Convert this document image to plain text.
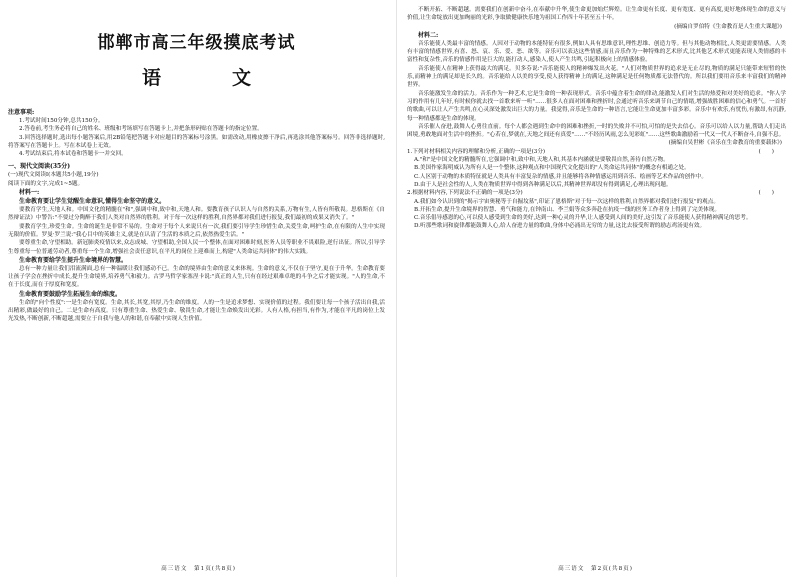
邯郸市高三年级摸底考试
语　文
注意事项:

1.考试时间150分钟,总共150分。

2.答卷前,考生务必将自己的姓名、班级和考场填写在答题卡上,并把条形码贴在答题卡的指定位置。

3.回答选择题时,选出每小题答案后,用2B铅笔把答题卡对应题目的答案标号涂黑。如需改动,用橡皮擦干净后,再选涂其他答案标号。回答非选择题时,将答案写在答题卡上。写在本试卷上无效。

4.考试结束后,将本试卷和答题卡一并交回。

一、现代文阅读(35分)

(一)现代文阅读Ⅰ(本题共5小题,19分)

阅读下面的文字,完成1~5题。

材料一:
生命教育要让学生觉醒生命意识,懂得生命坚守的意义。

要教育学生,天地人和。中国文化的精髓在"和",强调中和,致中和,天地人和。要教育孩子认识人与自然的关系,万物有生,人皆有所敬畏。思格斯在《自然辩证法》中警告:"不要过分陶醉于我们人类对自然界的胜利。对于每一次这样的胜利,自然界都对我们进行报复,我们最初的成果又消失了。"

要教育学生,珍爱生命。生命的诞生是非常不易的。生命对于每个人来说只有一次,我们要引导学生珍惜生命,关爱生命,呵护生命,在有限的人生中实现无限的价值。罗曼·罗兰说:"我心目中的英雄主义,就是在认清了生活的本质之后,依然热爱生活。"

要尊重生命,守望相助。新冠肺炎疫情以来,众志成城、守望相助,全国人民一个整体,在面对困难时刻,医务人员等职业不畏艰险,逆行出征。所以,引导学生尊重每一位普通劳动者,尊重每一个生命,增强社会责任意识,在平凡的岗位上迎难而上,构建"人类命运共同体"的伟大实践。

生命教育要给学生提升生命境界的智慧。

总有一种力量让我们泪流满面,总有一种温暖让我们感动不已。生命的境界由生命的意义来体现。生命的意义,不仅在于坚守,更在于升华。生命教育要让孩子学会在挫折中成长,提升生命境界,培养勇气和毅力。古罗马哲学家塞涅卡说:"真正的人生,只有在经过艰难卓绝的斗争之后才能实现。"人的生命,不在于长度,而在于厚度和宽度。

生命教育要鼓励学生拓展生命的维度。

生命的"向个性度":一是生命有宽度。生命,其长,其宽,其厚,乃生命的维度。人的一生是追求梦想、实现价值的过程。我们要让每一个孩子活出自我,活出精彩,做最好的自己。二是生命有高度。只有尊重生命、热爱生命、敬畏生命,才能让生命焕发出光彩。人有人格,有担当,有作为,才能在平凡的岗位上发光发热,不断创新,不断超越,需要立于自我与他人的和谐,在奉献中实现人生价值。

高三语文　第1页(共8页)

不断开拓、不断超越。需要我们在创新中奋斗,在奉献中升华,使生命更加灿烂辉煌。让生命更有长度、更有宽度、更有高度,更好地体现生命的意义与价值,让生命绽放出更加绚丽的光彩,争取做健康快乐地为祖国工作四十年甚至五十年。

(摘编自罗伯特《生命教育是人生重大课题》)

材料二:

音乐能使人类最丰富的情感。人因对于动物的本能特征有很多,例如人具有思维意识,理性思维、创造力等。但与其他动物相比,人类更需要情感。人类有丰富的情感世界,有喜、怒、哀、乐、爱、恶、欲等。音乐可以表达这些情感,而且音乐作为一种特殊的艺术形式,比其他艺术形式更能表现人类情感的丰富性和复杂性,音乐的情感作用是巨大的,能打动人,感染人,使人产生共鸣,引起积极向上的情感体验。

音乐能使人在精神上获得最大的满足。贝多芬说:"音乐能使人的精神爆发出火花。"人们对物质世界的追求是无止尽的,物质的满足只能带来短暂的快乐,而精神上的满足却是长久的。音乐能给人以美的享受,使人获得精神上的满足,这种满足是任何物质都无法替代的。所以我们要用音乐来丰富我们的精神世界。

音乐能激发生命的活力。音乐作为一种艺术,它是生命的一种表现形式。音乐中蕴含着生命的律动,能激发人们对生活的热爱和对美好的追求。"你人学习的作用有几年好,有时候你就去找一首歌来听一听"……很多人在面对困难和挫折时,会通过听音乐来调节自己的情绪,增强战胜困难的信心和勇气。一首好的歌曲,可以让人产生共鸣,在心灵深处激发出巨大的力量。我觉得,音乐是生命的一种语言,它能让生命更加丰富多彩。音乐中有欢乐,有忧伤,有激昂,有沉静,每一种情感都是生命的体现。

音乐催人奋进,鼓舞人心勇往直前。每个人都会遇到生命中的困难和挫折,一时的失败并不可怕,可怕的是失去信心。音乐可以给人以力量,帮助人们走出困境,勇敢地面对生活中的挫折。"心若在,梦就在,天地之间还有真爱"……"不经历风雨,怎么见彩虹"……这些歌曲激励着一代又一代人不断奋斗,自强不息。

(摘编自吴世彬《音乐在生命教育的重要载体》)

1.下列对材料相关内容的理解和分析,正确的一项是(3分)	(　　)

A."和"是中国文化的精髓所在,它强调中和,致中和,天地人和,其基本内涵就是要敬畏自然,善待自然万物。

B.美国作家海明威认为所有人是一个整体,这种观点和中国现代文化提出的"人类命运共同体"的概念有相通之处。

C.人区别于动物的本质特征就是人类具有丰富复杂的情感,并且能够将各种情感运用到音乐、绘画等艺术作品的创作中。

D.由于人是社会性的人,人类在物质世界中得到各种满足以后,其精神世界却没有得到满足,心理出现问题。

2.根据材料内容,下列说法不正确的一项是(3分)	(　　)

A.我们如今认识到的"揭示宇宙奥秘等于自掘坟墓",印证了恩格斯"对于每一次这样的胜利,自然界都对我们进行报复"的观点。

B.开拓生命,提升生命境界的智慧、勇气和能力,在钟南山、李兰娟等众多奔赴在抗疫一线的医务工作者身上得到了完美体现。

C.音乐倡导感恩的心,可以使人感受到生命的美好,达到一种心灵的升华,让人感受到人间的美好,这引发了音乐能使人获得精神满足的思考。

D.听那些歌词和旋律都能鼓舞人心,给人奋进力量的歌曲,身体中必涌出无穷的力量,这比去接受所谓的励志鸡汤更有效。

高三语文　第2页(共8页)
